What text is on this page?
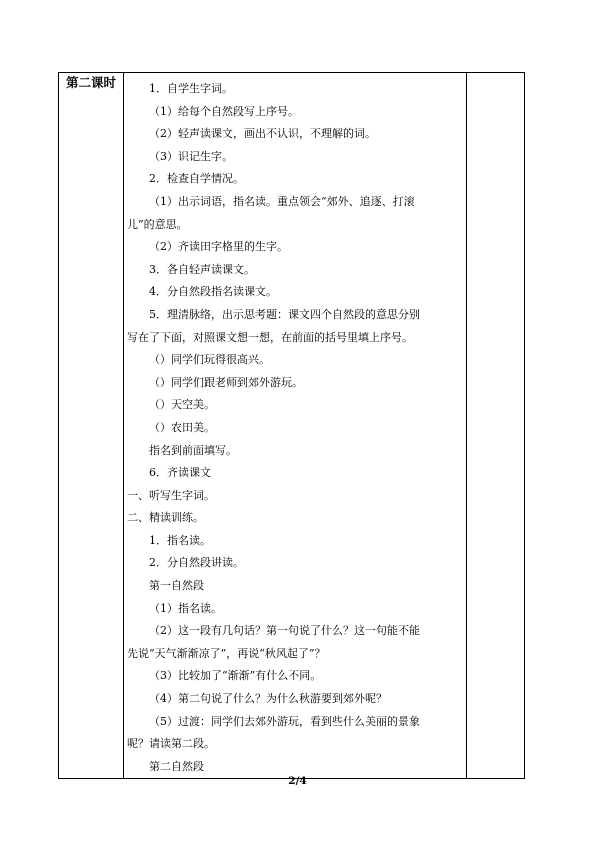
第二课时	1．自学生字词。
（1）给每个自然段写上序号。
（2）轻声读课文，画出不认识，不理解的词。
（3）识记生字。
2．检查自学情况。
（1）出示词语，指名读。重点领会“郊外、追逐、打滚
儿”的意思。
（2）齐读田字格里的生字。
3．各自轻声读课文。
4．分自然段指名读课文。
5．理清脉络，出示思考题：课文四个自然段的意思分别
写在了下面，对照课文想一想，在前面的括号里填上序号。
（）同学们玩得很高兴。
（）同学们跟老师到郊外游玩。
（）天空美。
（）农田美。
指名到前面填写。
6．齐读课文
一、听写生字词。
二、精读训练。
1．指名读。
2．分自然段讲读。
第一自然段
（1）指名读。
（2）这一段有几句话？第一句说了什么？这一句能不能
先说“天气渐渐凉了”，再说“秋风起了”？
（3）比较加了“渐渐”有什么不同。
（4）第二句说了什么？为什么秋游要到郊外呢？
（5）过渡：同学们去郊外游玩，看到些什么美丽的景象
呢？请读第二段。
第二自然段

2/4
